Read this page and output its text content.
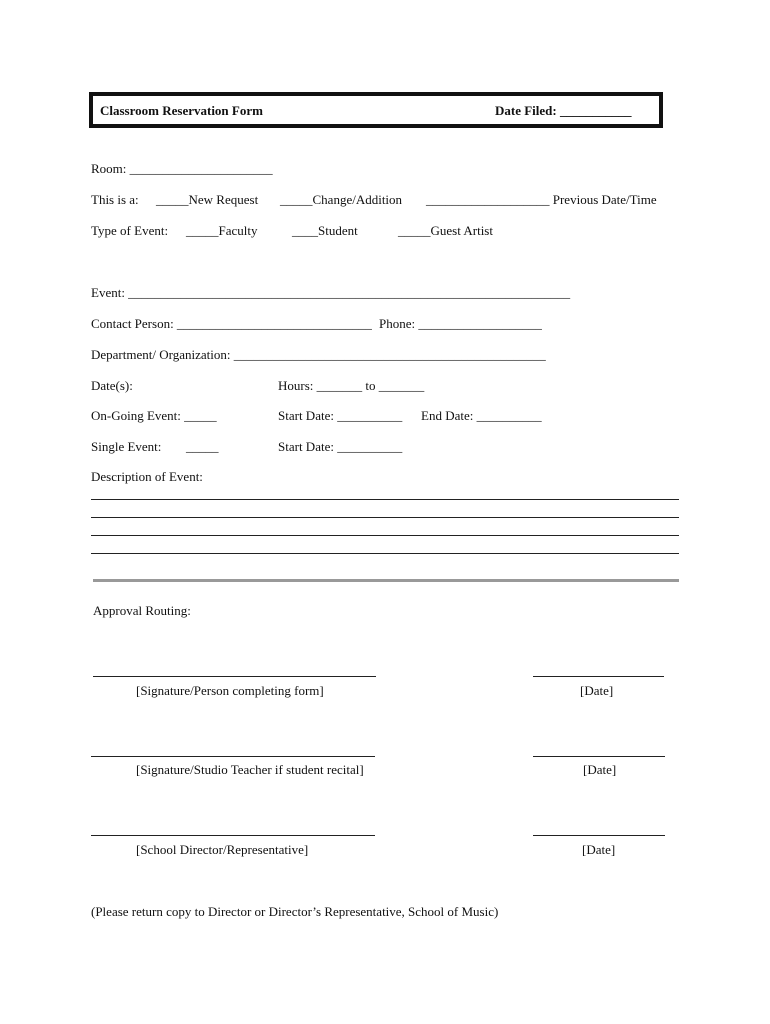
Classroom Reservation Form	Date Filed: ___________
Room: ______________________
This is a: _____New Request _____Change/Addition ___________________ Previous Date/Time
Type of Event: _____Faculty	____Student	_____Guest Artist
Event: ____________________________________________________________________
Contact Person: ______________________________ Phone: ___________________
Department/ Organization: ________________________________________________
Date(s):	Hours: _______ to _______
On-Going Event: _____	Start Date: __________ End Date: __________
Single Event: _____	Start Date: __________
Description of Event:
Approval Routing:
[Signature/Person completing form]	[Date]
[Signature/Studio Teacher if student recital]	[Date]
[School Director/Representative]	[Date]
(Please return copy to Director or Director’s Representative, School of Music)
